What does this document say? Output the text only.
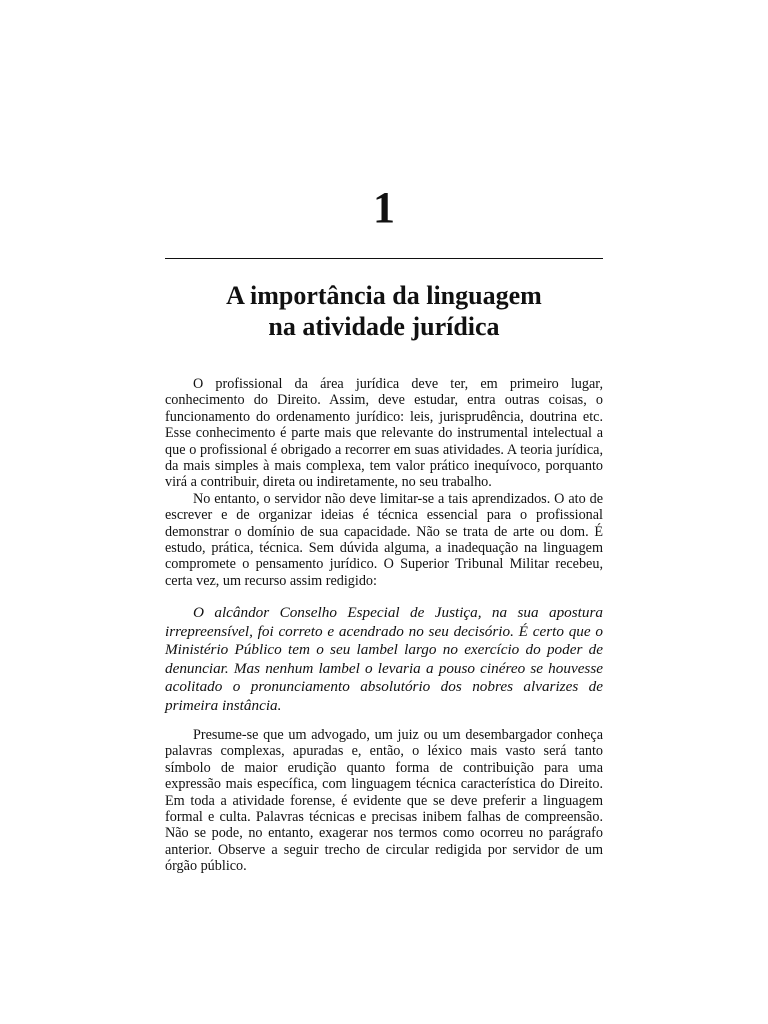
1
A importância da linguagem
na atividade jurídica

O profissional da área jurídica deve ter, em primeiro lugar, conhecimento do Direito. Assim, deve estudar, entra outras coisas, o funcionamento do ordenamento jurídico: leis, jurisprudência, doutrina etc. Esse conhecimento é parte mais que relevante do instrumental intelectual a que o profissional é obrigado a recorrer em suas atividades. A teoria jurídica, da mais simples à mais complexa, tem valor prático inequívoco, porquanto virá a contribuir, direta ou indiretamente, no seu trabalho.

No entanto, o servidor não deve limitar-se a tais aprendizados. O ato de escrever e de organizar ideias é técnica essencial para o profissional demonstrar o domínio de sua capacidade. Não se trata de arte ou dom. É estudo, prática, técnica. Sem dúvida alguma, a inadequação na linguagem compromete o pensamento jurídico. O Superior Tribunal Militar recebeu, certa vez, um recurso assim redigido:

O alcândor Conselho Especial de Justiça, na sua apostura irrepreensível, foi correto e acendrado no seu decisório. É certo que o Ministério Público tem o seu lambel largo no exercício do poder de denunciar. Mas nenhum lambel o levaria a pouso cinéreo se houvesse acolitado o pronunciamento absolutório dos nobres alvarizes de primeira instância.

Presume-se que um advogado, um juiz ou um desembargador conheça palavras complexas, apuradas e, então, o léxico mais vasto será tanto símbolo de maior erudição quanto forma de contribuição para uma expressão mais específica, com linguagem técnica característica do Direito. Em toda a atividade forense, é evidente que se deve preferir a linguagem formal e culta. Palavras técnicas e precisas inibem falhas de compreensão. Não se pode, no entanto, exagerar nos termos como ocorreu no parágrafo anterior. Observe a seguir trecho de circular redigida por servidor de um órgão público.
